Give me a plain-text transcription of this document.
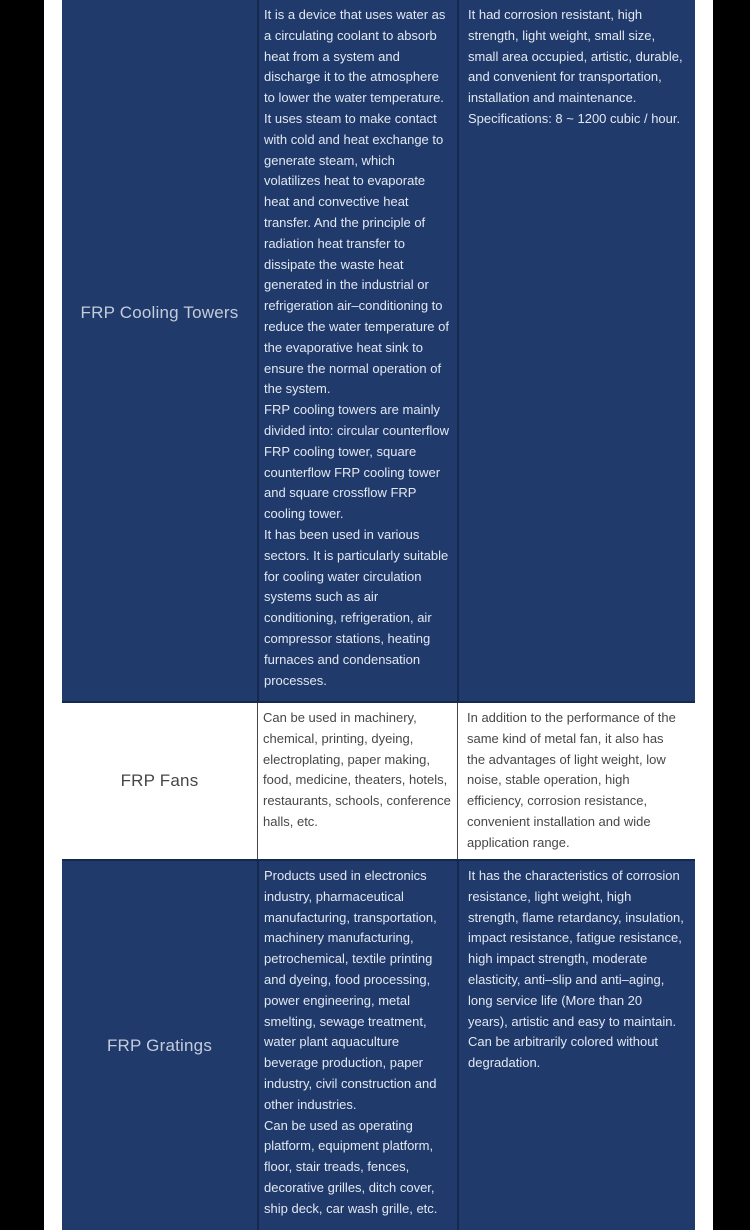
FRP Cooling Towers

It is a device that uses water as a circulating coolant to absorb heat from a system and discharge it to the atmosphere to lower the water temperature. It uses steam to make contact with cold and heat exchange to generate steam, which volatilizes heat to evaporate heat and convective heat transfer. And the principle of radiation heat transfer to dissipate the waste heat generated in the industrial or refrigeration air–conditioning to reduce the water temperature of the evaporative heat sink to ensure the normal operation of the system.

FRP cooling towers are mainly divided into: circular counterflow FRP cooling tower, square counterflow FRP cooling tower and square crossflow FRP cooling tower.

It has been used in various sectors. It is particularly suitable for cooling water circulation systems such as air conditioning, refrigeration, air compressor stations, heating furnaces and condensation processes.

It had corrosion resistant, high strength, light weight, small size, small area occupied, artistic, durable, and convenient for transportation, installation and maintenance. Specifications: 8 ~ 1200 cubic / hour.

FRP Fans

Can be used in machinery, chemical, printing, dyeing, electroplating, paper making, food, medicine, theaters, hotels, restaurants, schools, conference halls, etc.

In addition to the performance of the same kind of metal fan, it also has the advantages of light weight, low noise, stable operation, high efficiency, corrosion resistance, convenient installation and wide application range.

FRP Gratings

Products used in electronics industry, pharmaceutical manufacturing, transportation, machinery manufacturing, petrochemical, textile printing and dyeing, food processing, power engineering, metal smelting, sewage treatment, water plant aquaculture beverage production, paper industry, civil construction and other industries.

Can be used as operating platform, equipment platform, floor, stair treads, fences, decorative grilles, ditch cover, ship deck, car wash grille, etc.

It has the characteristics of corrosion resistance, light weight, high strength, flame retardancy, insulation, impact resistance, fatigue resistance, high impact strength, moderate elasticity, anti–slip and anti–aging, long service life (More than 20 years), artistic and easy to maintain.

Can be arbitrarily colored without degradation.
